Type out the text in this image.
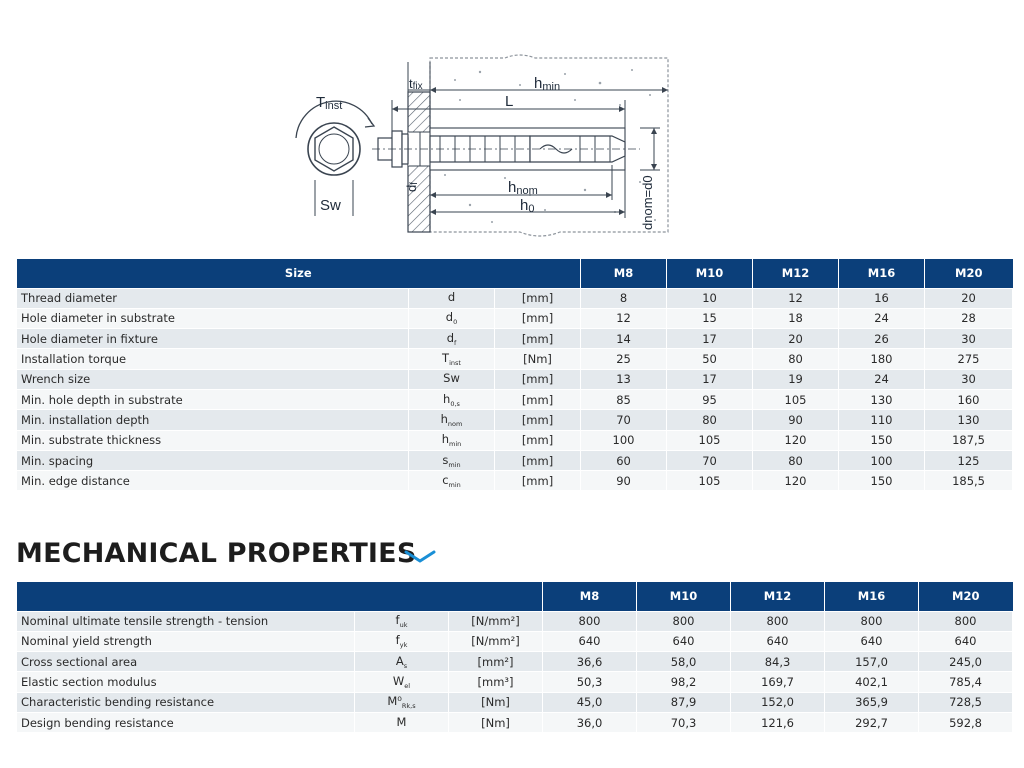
Tinst
Sw
tfix	hmin
L
hnom
h0
df	dnom=d0
Size			M8	M10	M12	M16	M20
Thread diameter	d	[mm]	8	10	12	16	20
Hole diameter in substrate	$d_0$	[mm]	12	15	18	24	28
Hole diameter in fixture	$d_f$	[mm]	14	17	20	26	30
Installation torque	$T_{inst}$	[Nm]	25	50	80	180	275
Wrench size	Sw	[mm]	13	17	19	24	30
Min. hole depth in substrate	$h_{0,s}$	[mm]	85	95	105	130	160
Min. installation depth	$h_{nom}$	[mm]	70	80	90	110	130
Min. substrate thickness	$h_{min}$	[mm]	100	105	120	150	187,5
Min. spacing	$s_{min}$	[mm]	60	70	80	100	125
Min. edge distance	$c_{min}$	[mm]	90	105	120	150	185,5
MECHANICAL PROPERTIES
			M8	M10	M12	M16	M20
Nominal ultimate tensile strength - tension	$f_{uk}$	[N/mm²]	800	800	800	800	800
Nominal yield strength	$f_{yk}$	[N/mm²]	640	640	640	640	640
Cross sectional area	$A_s$	[mm²]	36,6	58,0	84,3	157,0	245,0
Elastic section modulus	$W_{el}$	[mm³]	50,3	98,2	169,7	402,1	785,4
Characteristic bending resistance	$M^0_{Rk,s}$	[Nm]	45,0	87,9	152,0	365,9	728,5
Design bending resistance	M	[Nm]	36,0	70,3	121,6	292,7	592,8
